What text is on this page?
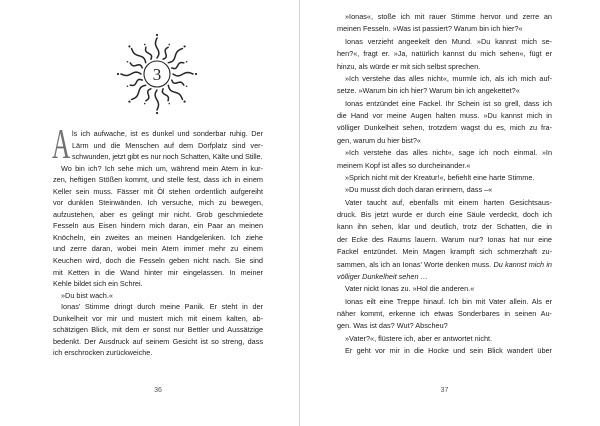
3
A ls ich aufwache, ist es dunkel und sonderbar ruhig. Der
Lärm und die Menschen auf dem Dorfplatz sind ver-
schwunden, jetzt gibt es nur noch Schatten, Kälte und Stille.
Wo bin ich? Ich sehe mich um, während mein Atem in kur-
zen, heftigen Stößen kommt, und stelle fest, dass ich in einem
Keller sein muss. Fässer mit Öl stehen ordentlich aufgereiht
vor dunklen Steinwänden. Ich versuche, mich zu bewegen,
aufzustehen, aber es gelingt mir nicht. Grob geschmiedete
Fesseln aus Eisen hindern mich daran, ein Paar an meinen
Knöcheln, ein zweites an meinen Handgelenken. Ich ziehe
und zerre daran, wobei mein Atem immer mehr zu einem
Keuchen wird, doch die Fesseln geben nicht nach. Sie sind
mit Ketten in die Wand hinter mir eingelassen. In meiner
Kehle bildet sich ein Schrei.
»Du bist wach.«
Ionas’ Stimme dringt durch meine Panik. Er steht in der
Dunkelheit vor mir und mustert mich mit einem kalten, ab-
schätzigen Blick, mit dem er sonst nur Bettler und Aussätzige
bedenkt. Der Ausdruck auf seinem Gesicht ist so streng, dass
ich erschrocken zurückweiche.
36
»Ionas«, stoße ich mit rauer Stimme hervor und zerre an
meinen Fesseln. »Was ist passiert? Warum bin ich hier?«
Ionas verzieht angeekelt den Mund. »Du kannst mich se-
hen?«, fragt er. »Ja, natürlich kannst du mich sehen«, fügt er
hinzu, als würde er mit sich selbst sprechen.
»Ich verstehe das alles nicht«, murmle ich, als ich mich auf-
setze. »Warum bin ich hier? Warum bin ich angekettet?«
Ionas entzündet eine Fackel. Ihr Schein ist so grell, dass ich
die Hand vor meine Augen halten muss. »Du kannst mich in
völliger Dunkelheit sehen, trotzdem wagst du es, mich zu fra-
gen, warum du hier bist?«
»Ich verstehe das alles nicht«, sage ich noch einmal. »In
meinem Kopf ist alles so durcheinander.«
»Sprich nicht mit der Kreatur!«, befiehlt eine harte Stimme.
»Du musst dich doch daran erinnern, dass –«
Vater taucht auf, ebenfalls mit einem harten Gesichtsaus-
druck. Bis jetzt wurde er durch eine Säule verdeckt, doch ich
kann ihn sehen, klar und deutlich, trotz der Schatten, die in
der Ecke des Raums lauern. Warum nur? Ionas hat nur eine
Fackel entzündet. Mein Magen krampft sich schmerzhaft zu-
sammen, als ich an Ionas’ Worte denken muss. Du kannst mich in
völliger Dunkelheit sehen …
Vater nickt Ionas zu. »Hol die anderen.«
Ionas eilt eine Treppe hinauf. Ich bin mit Vater allein. Als er
näher kommt, erkenne ich etwas Sonderbares in seinen Au-
gen. Was ist das? Wut? Abscheu?
»Vater?«, flüstere ich, aber er antwortet nicht.
Er geht vor mir in die Hocke und sein Blick wandert über
37
